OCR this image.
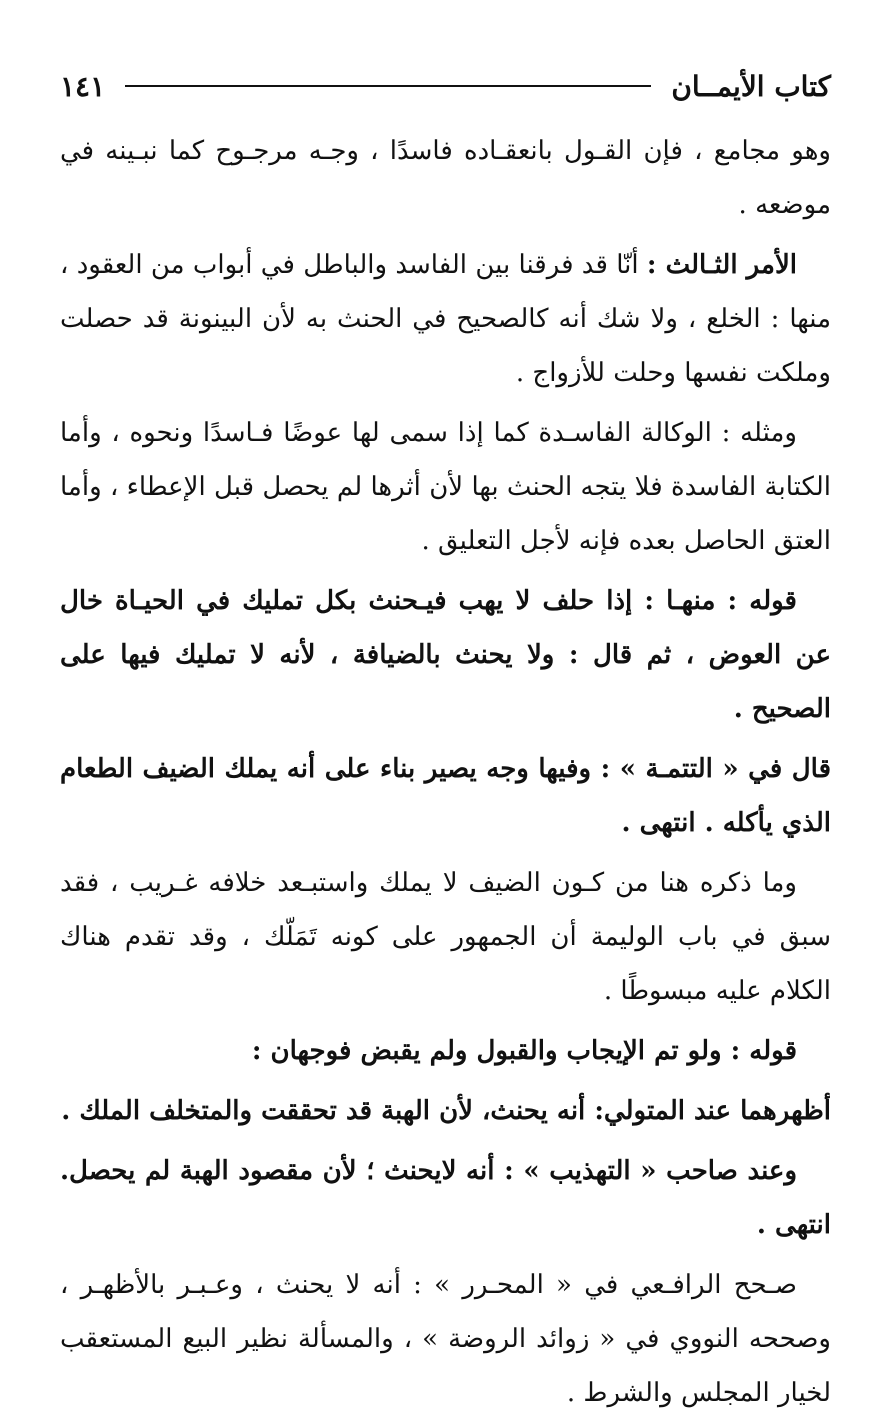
كتاب الأيمــان
١٤١

وهو مجامع ، فإن القـول بانعقـاده فاسدًا ، وجـه مرجـوح كما نبـينه في موضعه .

الأمر الثـالث : أنّا قد فرقنا بين الفاسد والباطل في أبواب من العقود ، منها : الخلع ، ولا شك أنه كالصحيح في الحنث به لأن البينونة قد حصلت وملكت نفسها وحلت للأزواج .

ومثله : الوكالة الفاسـدة كما إذا سمى لها عوضًا فـاسدًا ونحوه ، وأما الكتابة الفاسدة فلا يتجه الحنث بها لأن أثرها لم يحصل قبل الإعطاء ، وأما العتق الحاصل بعده فإنه لأجل التعليق .

قوله : منهـا : إذا حلف لا يهب فيـحنث بكل تمليك في الحيـاة خال عن العوض ، ثم قال : ولا يحنث بالضيافة ، لأنه لا تمليك فيها على الصحيح .

قال في « التتمـة » : وفيها وجه يصير بناء على أنه يملك الضيف الطعام الذي يأكله . انتهى .

وما ذكره هنا من كـون الضيف لا يملك واستبـعد خلافه غـريب ، فقد سبق في باب الوليمة أن الجمهور على كونه تَمَلّك ، وقد تقدم هناك الكلام عليه مبسوطًا .

قوله : ولو تم الإيجاب والقبول ولم يقبض فوجهان :

أظهرهما عند المتولي: أنه يحنث، لأن الهبة قد تحققت والمتخلف الملك .

وعند صاحب « التهذيب » : أنه لايحنث ؛ لأن مقصود الهبة لم يحصل. انتهى .

صـحح الرافـعي في « المحـرر » : أنه لا يحنث ، وعـبـر بالأظهـر ، وصححه النووي في « زوائد الروضة » ، والمسألة نظير البيع المستعقب لخيار المجلس والشرط .
